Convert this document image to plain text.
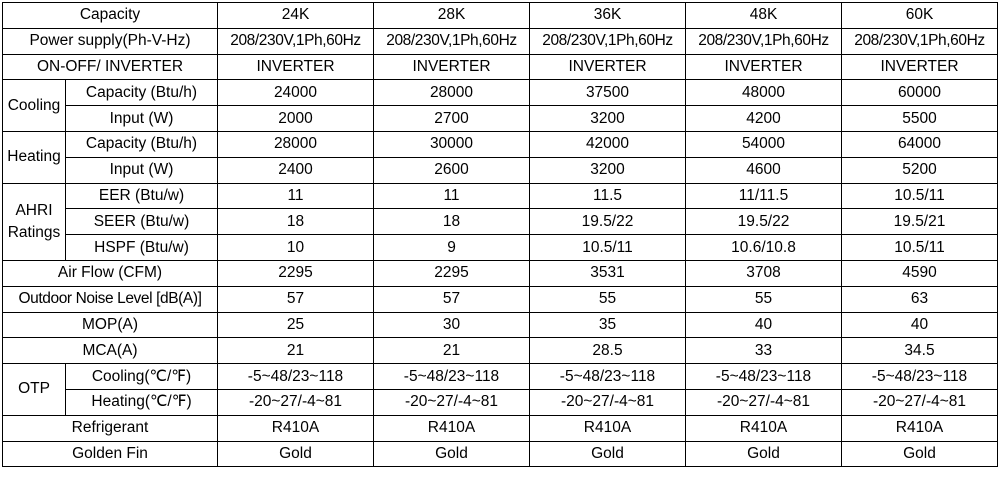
Capacity		24K	28K	36K	48K	60K
Power supply(Ph-V-Hz)		208/230V,1Ph,60Hz	208/230V,1Ph,60Hz	208/230V,1Ph,60Hz	208/230V,1Ph,60Hz	208/230V,1Ph,60Hz
ON-OFF/ INVERTER		INVERTER	INVERTER	INVERTER	INVERTER	INVERTER
Cooling	Capacity (Btu/h)	24000	28000	37500	48000	60000
	Input (W)	2000	2700	3200	4200	5500
Heating	Capacity (Btu/h)	28000	30000	42000	54000	64000
	Input (W)	2400	2600	3200	4600	5200
AHRI Ratings	EER (Btu/w)	11	11	11.5	11/11.5	10.5/11
	SEER (Btu/w)	18	18	19.5/22	19.5/22	19.5/21
	HSPF (Btu/w)	10	9	10.5/11	10.6/10.8	10.5/11
Air Flow (CFM)		2295	2295	3531	3708	4590
Outdoor Noise Level [dB(A)]		57	57	55	55	63
MOP(A)		25	30	35	40	40
MCA(A)		21	21	28.5	33	34.5
OTP	Cooling(℃/℉)	-5~48/23~118	-5~48/23~118	-5~48/23~118	-5~48/23~118	-5~48/23~118
	Heating(℃/℉)	-20~27/-4~81	-20~27/-4~81	-20~27/-4~81	-20~27/-4~81	-20~27/-4~81
Refrigerant		R410A	R410A	R410A	R410A	R410A
Golden Fin		Gold	Gold	Gold	Gold	Gold
